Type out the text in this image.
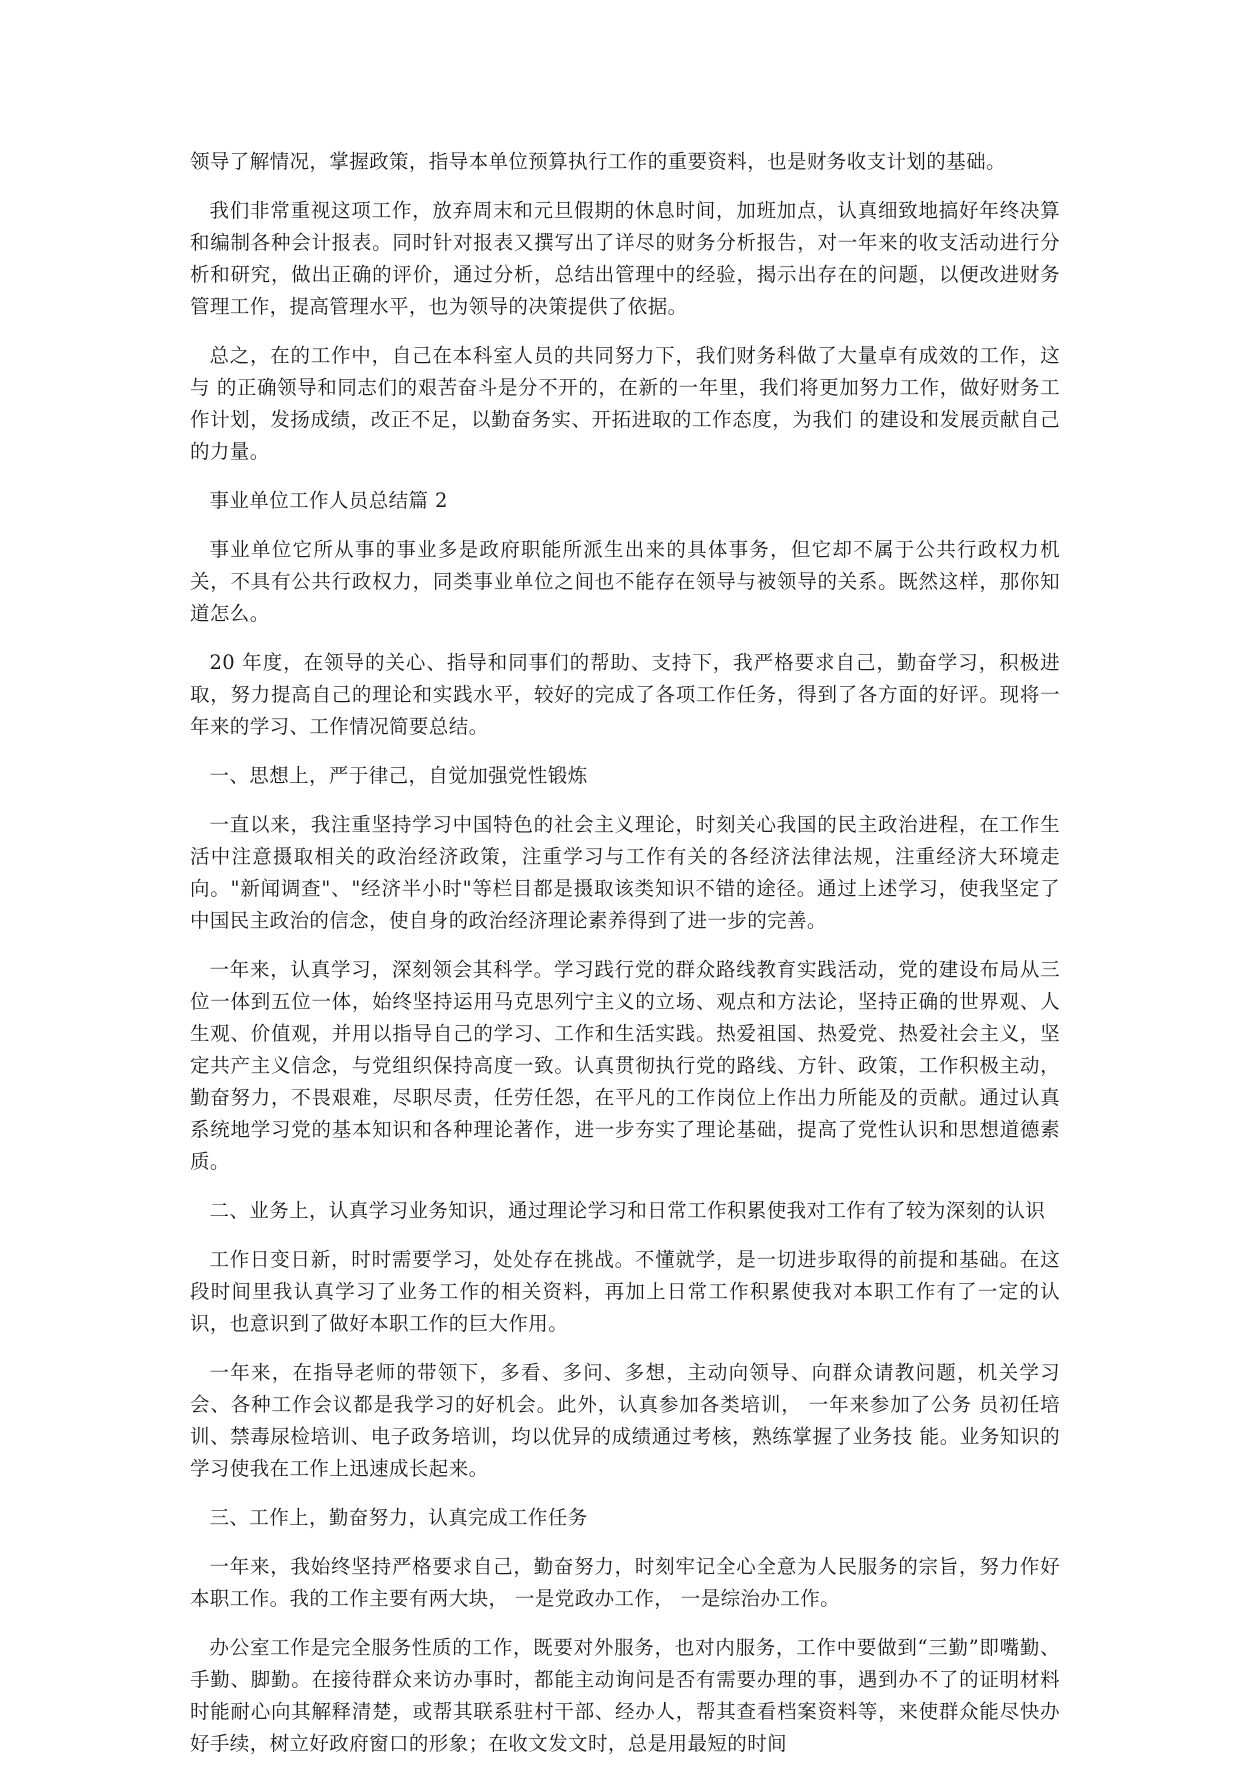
领导了解情况，掌握政策，指导本单位预算执行工作的重要资料，也是财务收支计划的基础。

我们非常重视这项工作，放弃周末和元旦假期的休息时间，加班加点，认真细致地搞好年终决算和编制各种会计报表。同时针对报表又撰写出了详尽的财务分析报告，对一年来的收支活动进行分析和研究，做出正确的评价，通过分析，总结出管理中的经验，揭示出存在的问题，以便改进财务管理工作，提高管理水平，也为领导的决策提供了依据。

总之，在的工作中，自己在本科室人员的共同努力下，我们财务科做了大量卓有成效的工作，这与 的正确领导和同志们的艰苦奋斗是分不开的，在新的一年里，我们将更加努力工作，做好财务工作计划，发扬成绩，改正不足，以勤奋务实、开拓进取的工作态度，为我们 的建设和发展贡献自己的力量。

事业单位工作人员总结篇 2

事业单位它所从事的事业多是政府职能所派生出来的具体事务，但它却不属于公共行政权力机关，不具有公共行政权力，同类事业单位之间也不能存在领导与被领导的关系。既然这样，那你知道怎么。

20 年度，在领导的关心、指导和同事们的帮助、支持下，我严格要求自己，勤奋学习，积极进取，努力提高自己的理论和实践水平，较好的完成了各项工作任务，得到了各方面的好评。现将一年来的学习、工作情况简要总结。

一、思想上，严于律己，自觉加强党性锻炼

一直以来，我注重坚持学习中国特色的社会主义理论，时刻关心我国的民主政治进程，在工作生活中注意摄取相关的政治经济政策，注重学习与工作有关的各经济法律法规，注重经济大环境走向。"新闻调查"、"经济半小时"等栏目都是摄取该类知识不错的途径。通过上述学习，使我坚定了中国民主政治的信念，使自身的政治经济理论素养得到了进一步的完善。

一年来，认真学习，深刻领会其科学。学习践行党的群众路线教育实践活动，党的建设布局从三位一体到五位一体，始终坚持运用马克思列宁主义的立场、观点和方法论，坚持正确的世界观、人生观、价值观，并用以指导自己的学习、工作和生活实践。热爱祖国、热爱党、热爱社会主义，坚定共产主义信念，与党组织保持高度一致。认真贯彻执行党的路线、方针、政策，工作积极主动，勤奋努力，不畏艰难，尽职尽责，任劳任怨，在平凡的工作岗位上作出力所能及的贡献。通过认真系统地学习党的基本知识和各种理论著作，进一步夯实了理论基础，提高了党性认识和思想道德素质。

二、业务上，认真学习业务知识，通过理论学习和日常工作积累使我对工作有了较为深刻的认识

工作日变日新，时时需要学习，处处存在挑战。不懂就学，是一切进步取得的前提和基础。在这段时间里我认真学习了业务工作的相关资料，再加上日常工作积累使我对本职工作有了一定的认识，也意识到了做好本职工作的巨大作用。

一年来，在指导老师的带领下，多看、多问、多想，主动向领导、向群众请教问题，机关学习会、各种工作会议都是我学习的好机会。此外，认真参加各类培训， 一年来参加了公务 员初任培训、禁毒尿检培训、电子政务培训，均以优异的成绩通过考核，熟练掌握了业务技 能。业务知识的学习使我在工作上迅速成长起来。

三、工作上，勤奋努力，认真完成工作任务

一年来，我始终坚持严格要求自己，勤奋努力，时刻牢记全心全意为人民服务的宗旨，努力作好本职工作。我的工作主要有两大块， 一是党政办工作， 一是综治办工作。

办公室工作是完全服务性质的工作，既要对外服务，也对内服务，工作中要做到“三勤”即嘴勤、手勤、脚勤。在接待群众来访办事时，都能主动询问是否有需要办理的事，遇到办不了的证明材料时能耐心向其解释清楚，或帮其联系驻村干部、经办人，帮其查看档案资料等，来使群众能尽快办好手续，树立好政府窗口的形象；在收文发文时，总是用最短的时间
